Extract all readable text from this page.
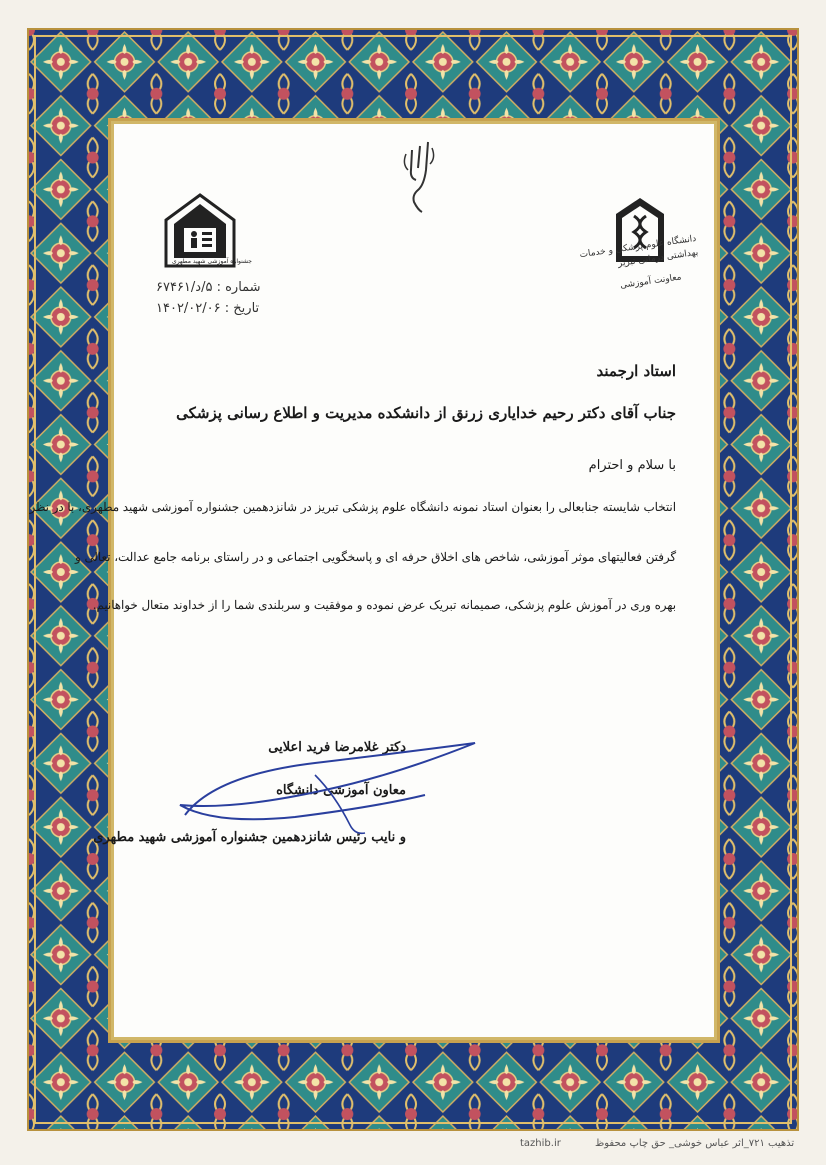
جشنواره آموزشی شهید مطهری
دانشگاه علوم پزشکی و خدمات بهداشتی درمانی تبریز
معاونت آموزشی
شماره : ۵/د/۶۷۴۶۱
تاریخ : ۱۴۰۲/۰۲/۰۶
استاد ارجمند
جناب آقای دکتر رحیم خدایاری زرنق از دانشکده مدیریت و اطلاع رسانی پزشکی
با سلام و احترام
انتخاب شایسته جنابعالی را بعنوان استاد نمونه دانشگاه علوم پزشکی تبریز در شانزدهمین جشنواره آموزشی شهید مطهری، با در نظر
گرفتن فعالیتهای موثر آموزشی، شاخص های اخلاق حرفه ای و پاسخگویی اجتماعی و در راستای برنامه جامع عدالت، تعالی و
بهره وری در آموزش علوم پزشکی، صمیمانه تبریک عرض نموده و موفقیت و سربلندی شما را از خداوند متعال خواهانیم.
دکتر غلامرضا فرید اعلایی
معاون آموزشی دانشگاه
و نایب رئیس شانزدهمین جشنواره آموزشی شهید مطهری
tazhib.ir	تذهیب ۷۲۱_اثر عباس خوشی_ حق چاپ محفوظ
